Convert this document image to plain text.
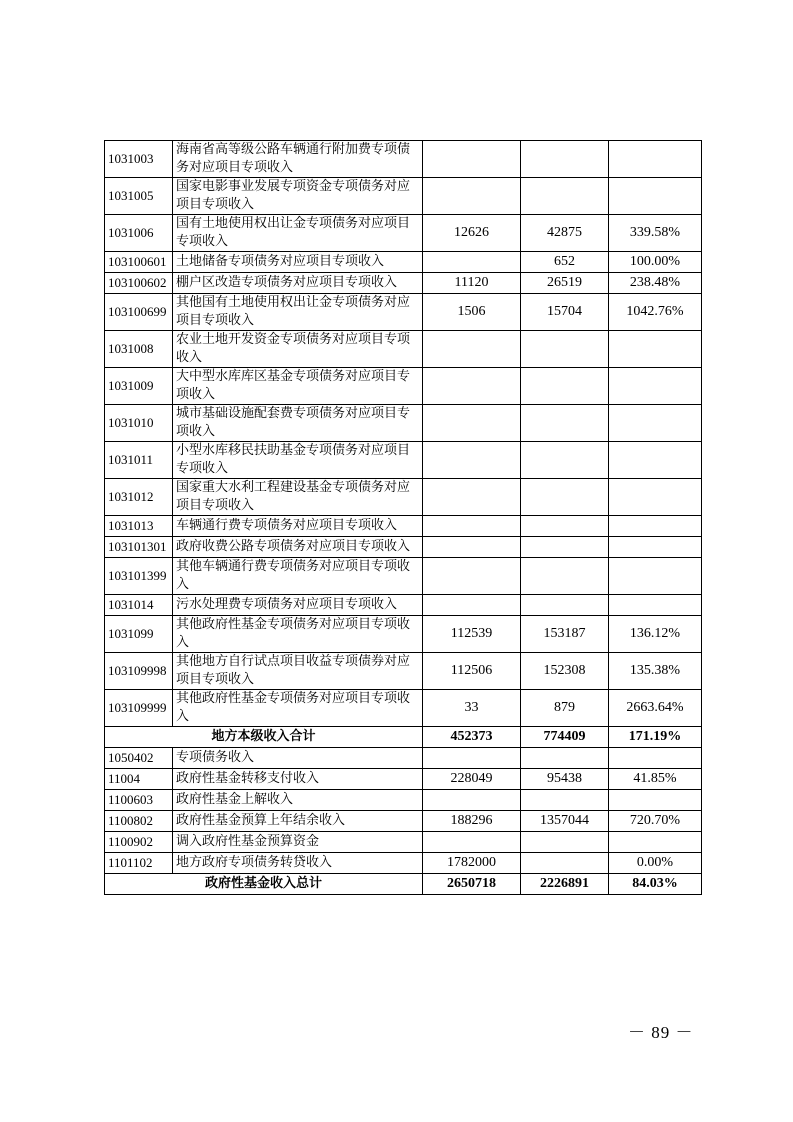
1031003	海南省高等级公路车辆通行附加费专项债务对应项目专项收入			
1031005	国家电影事业发展专项资金专项债务对应项目专项收入			
1031006	国有土地使用权出让金专项债务对应项目专项收入	12626	42875	339.58%
103100601	土地储备专项债务对应项目专项收入		652	100.00%
103100602	棚户区改造专项债务对应项目专项收入	11120	26519	238.48%
103100699	其他国有土地使用权出让金专项债务对应项目专项收入	1506	15704	1042.76%
1031008	农业土地开发资金专项债务对应项目专项收入			
1031009	大中型水库库区基金专项债务对应项目专项收入			
1031010	城市基础设施配套费专项债务对应项目专项收入			
1031011	小型水库移民扶助基金专项债务对应项目专项收入			
1031012	国家重大水利工程建设基金专项债务对应项目专项收入			
1031013	车辆通行费专项债务对应项目专项收入			
103101301	政府收费公路专项债务对应项目专项收入			
103101399	其他车辆通行费专项债务对应项目专项收入			
1031014	污水处理费专项债务对应项目专项收入			
1031099	其他政府性基金专项债务对应项目专项收入	112539	153187	136.12%
103109998	其他地方自行试点项目收益专项债券对应项目专项收入	112506	152308	135.38%
103109999	其他政府性基金专项债务对应项目专项收入	33	879	2663.64%
地方本级收入合计		452373	774409	171.19%
1050402	专项债务收入			
11004	政府性基金转移支付收入	228049	95438	41.85%
1100603	政府性基金上解收入			
1100802	政府性基金预算上年结余收入	188296	1357044	720.70%
1100902	调入政府性基金预算资金			
1101102	地方政府专项债务转贷收入	1782000		0.00%
政府性基金收入总计		2650718	2226891	84.03%
－ 89 －
